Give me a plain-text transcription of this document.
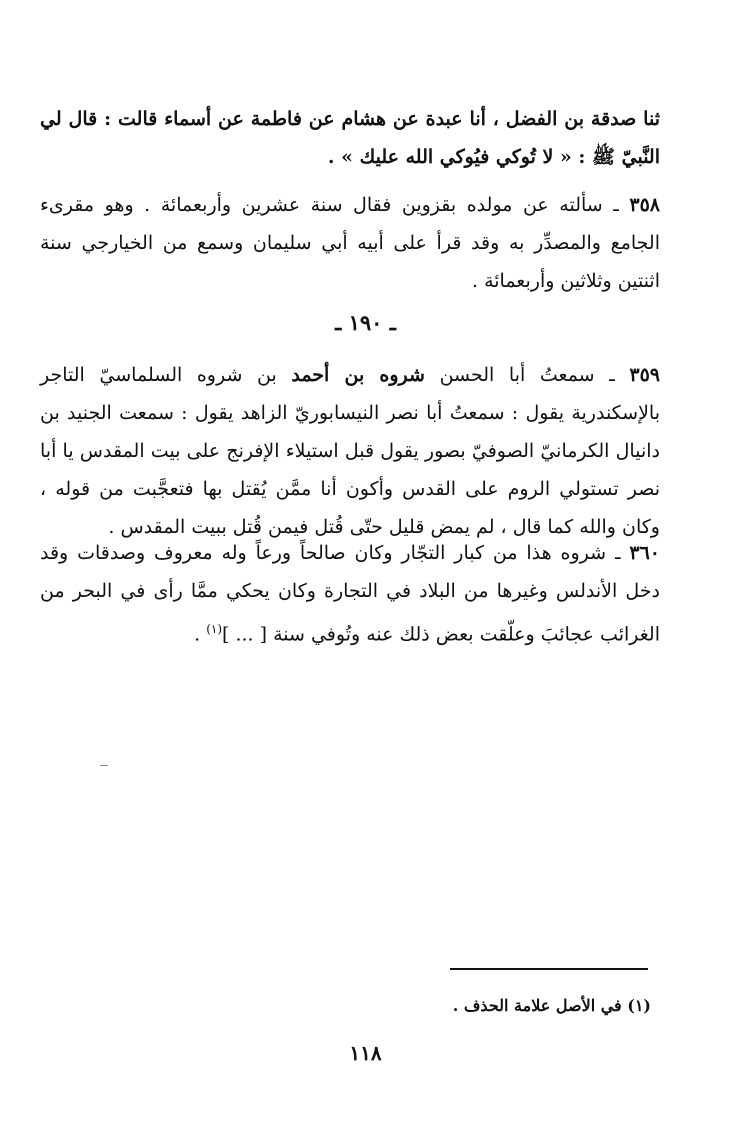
ثنا صدقة بن الفضل ، أنا عبدة عن هشام عن فاطمة عن أسماء قالت : قال لي النَّبيّ ﷺ : « لا تُوكي فيُوكي الله عليك » .
٣٥٨ ـ سألته عن مولده بقزوين فقال سنة عشرين وأربعمائة . وهو مقرىء الجامع والمصدِّر به وقد قرأ على أبيه أبي سليمان وسمع من الخيارجي سنة اثنتين وثلاثين وأربعمائة .
ـ ١٩٠ ـ
٣٥٩ ـ سمعتُ أبا الحسن شروه بن أحمد بن شروه السلماسيّ التاجر بالإسكندرية يقول : سمعتُ أبا نصر النيسابوريّ الزاهد يقول : سمعت الجنيد بن دانيال الكرمانيّ الصوفيّ بصور يقول قبل استيلاء الإفرنج على بيت المقدس يا أبا نصر تستولي الروم على القدس وأكون أنا ممَّن يُقتل بها فتعجَّبت من قوله ، وكان والله كما قال ، لم يمض قليل حتّى قُتل فيمن قُتل ببيت المقدس .
٣٦٠ ـ شروه هذا من كبار التجّار وكان صالحاً ورعاً وله معروف وصدقات وقد دخل الأندلس وغيرها من البلاد في التجارة وكان يحكي ممَّا رأى في البحر من الغرائب عجائبَ وعلّقت بعض ذلك عنه وتُوفي سنة [ ... ]$^{(١)}$ .
(١) في الأصل علامة الحذف .
١١٨
